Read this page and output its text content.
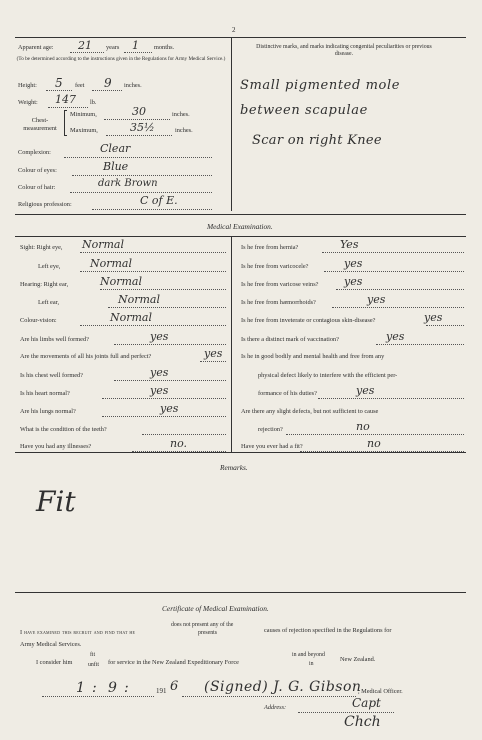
2
Apparent age: 21 years 1 months.
(To be determined according to the instructions given in the Regulations for Army Medical Service.)
Height: 5 feet 9 inches.
Weight: 147 lb.
Chest-measurement
Minimum,	30	inches.
Maximum,	35½	inches.
Complexion:	Clear
Colour of eyes:	Blue
Colour of hair:	dark Brown
Religious profession:	C of E.
Distinctive marks, and marks indicating congenital peculiarities or previous disease.
Small pigmented mole
between scapulae
Scar on right Knee
Medical Examination.
Sight: Right eye, Normal
Left eye,	Normal
Hearing: Right ear,	Normal
Left ear,	Normal
Colour-vision:	Normal
Are his limbs well formed?	yes
Are the movements of all his joints full and perfect?	yes
Is his chest well formed?	yes
Is his heart normal?	yes
Are his lungs normal?	yes
What is the condition of the teeth?
Have you had any illnesses?	no.
Is he free from hernia?	Yes
Is he free from varicocele?	yes
Is he free from varicose veins? yes
Is he free from hæmorrhoids?	yes
Is he free from inveterate or contagious skin-disease?	yes
Is there a distinct mark of vaccination?	yes
Is he in good bodily and mental health and free from any
physical defect likely to interfere with the efficient per-
formance of his duties?	yes
Are there any slight defects, but not sufficient to cause
rejection?	no
Have you ever had a fit?	no
Remarks.
Fit
Certificate of Medical Examination.
I have examined this recruit and find that he
does not present any of the
presents	causes of rejection specified in the Regulations for
Army Medical Services.
I consider him
fit
unfit for service in the New Zealand Expeditionary Force
in and beyond
in
New Zealand.
1 : 9 :	191 6 (Signed) J. G. Gibson
, Medical Officer.
Capt
Address:
Chch
